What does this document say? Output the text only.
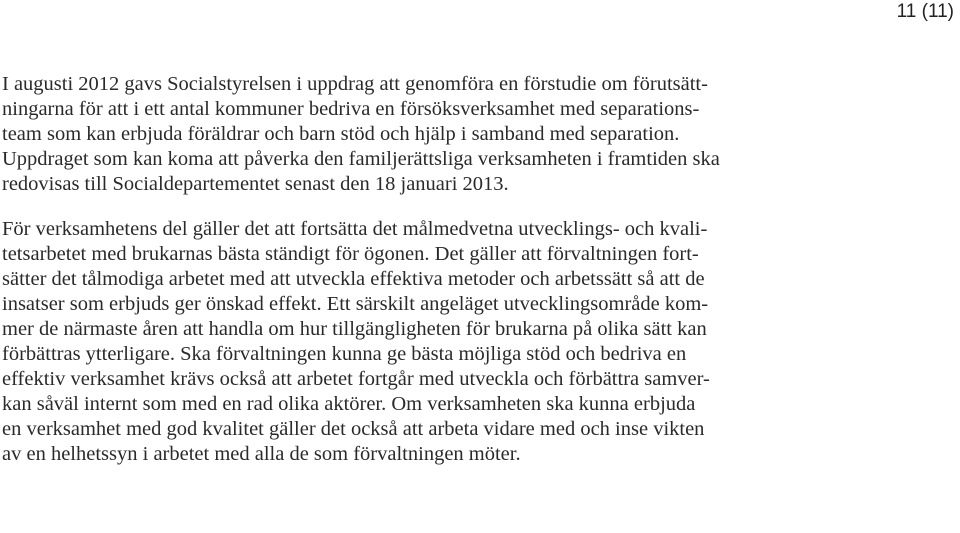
11 (11)
I augusti 2012 gavs Socialstyrelsen i uppdrag att genomföra en förstudie om förutsätt-
ningarna för att i ett antal kommuner bedriva en försöksverksamhet med separations-
team som kan erbjuda föräldrar och barn stöd och hjälp i samband med separation.
Uppdraget som kan koma att påverka den familjerättsliga verksamheten i framtiden ska
redovisas till Socialdepartementet senast den 18 januari 2013.
För verksamhetens del gäller det att fortsätta det målmedvetna utvecklings- och kvali-
tetsarbetet med brukarnas bästa ständigt för ögonen. Det gäller att förvaltningen fort-
sätter det tålmodiga arbetet med att utveckla effektiva metoder och arbetssätt så att de
insatser som erbjuds ger önskad effekt. Ett särskilt angeläget utvecklingsområde kom-
mer de närmaste åren att handla om hur tillgängligheten för brukarna på olika sätt kan
förbättras ytterligare. Ska förvaltningen kunna ge bästa möjliga stöd och bedriva en
effektiv verksamhet krävs också att arbetet fortgår med utveckla och förbättra samver-
kan såväl internt som med en rad olika aktörer. Om verksamheten ska kunna erbjuda
en verksamhet med god kvalitet gäller det också att arbeta vidare med och inse vikten
av en helhetssyn i arbetet med alla de som förvaltningen möter.
